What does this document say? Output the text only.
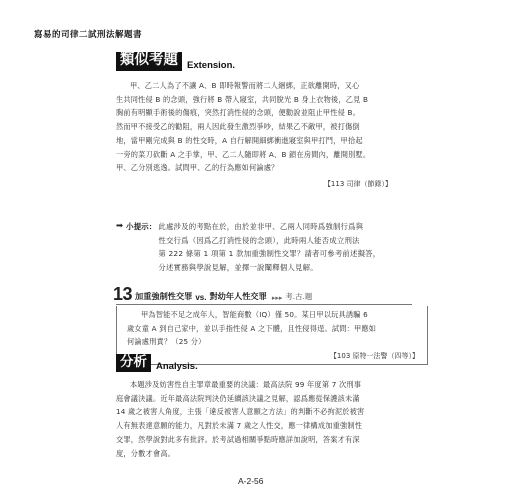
寫易的司律二試刑法解題書
類似考題 Extension.
甲、乙二人為了不讓 A、B 即時報警而將二人綑綁，正欲離開時，又心
生共同性侵 B 的念頭，強行將 B 帶入寢室，共同脫光 B 身上衣物後，乙見 B
胸前有明顯手術後的傷痕，突然打消性侵的念頭，便勸說並阻止甲性侵 B。
然而甲不接受乙的勸阻，兩人因此發生激烈爭吵，結果乙不敵甲，被打傷倒
地，當甲剛完成與 B 的性交時，A 自行解開細綁衝進寢室與甲打鬥，甲拾起
一旁的菜刀砍斷 A 之手掌，甲、乙二人隨即將 A、B 鎖在房間內，離開別墅。
甲、乙分別逃逸。試問甲、乙的行為應如何論處？
【113 司律（節錄）】
➡ 小提示： 此處涉及的考點在於，由於並非甲、乙兩人同時爲強制行爲與
性交行爲（因爲乙打消性侵的念頭），此時兩人能否成立刑法
第 222 條第 1 項第 1 款加重強制性交罪？請者可參考前述擬答，
分述實務與學說見解，並擇一說闡釋個人見解。
13 加重強制性交罪 vs. 對幼年人性交罪 ▸▸▸ 考.古.題
甲為智能不足之成年人，智能商數（IQ）僅 50。某日甲以玩具誘騙 6
歲女童 A 到自己家中，並以手指性侵 A 之下體，且性侵得逞。試問：甲應如
何論處刑責？（25 分）
【103 原特一法警（四等）】
分析 Analysis.
本題涉及妨害性自主罪章最重要的決議：最高法院 99 年度第 7 次刑事
庭會議決議。近年最高法院判決仍延續該決議之見解，認爲應從保護該未滿
14 歲之被害人角度，主張「違反被害人意願之方法」的判斷不必拘泥於被害
人有無表達意願的能力，凡對於未滿 7 歲之人性交，應一律構成加重強制性
交罪，然學說對此多有批評。於考試過相關爭點時應詳加說明，答案才有深
度，分數才會高。
A-2-56
